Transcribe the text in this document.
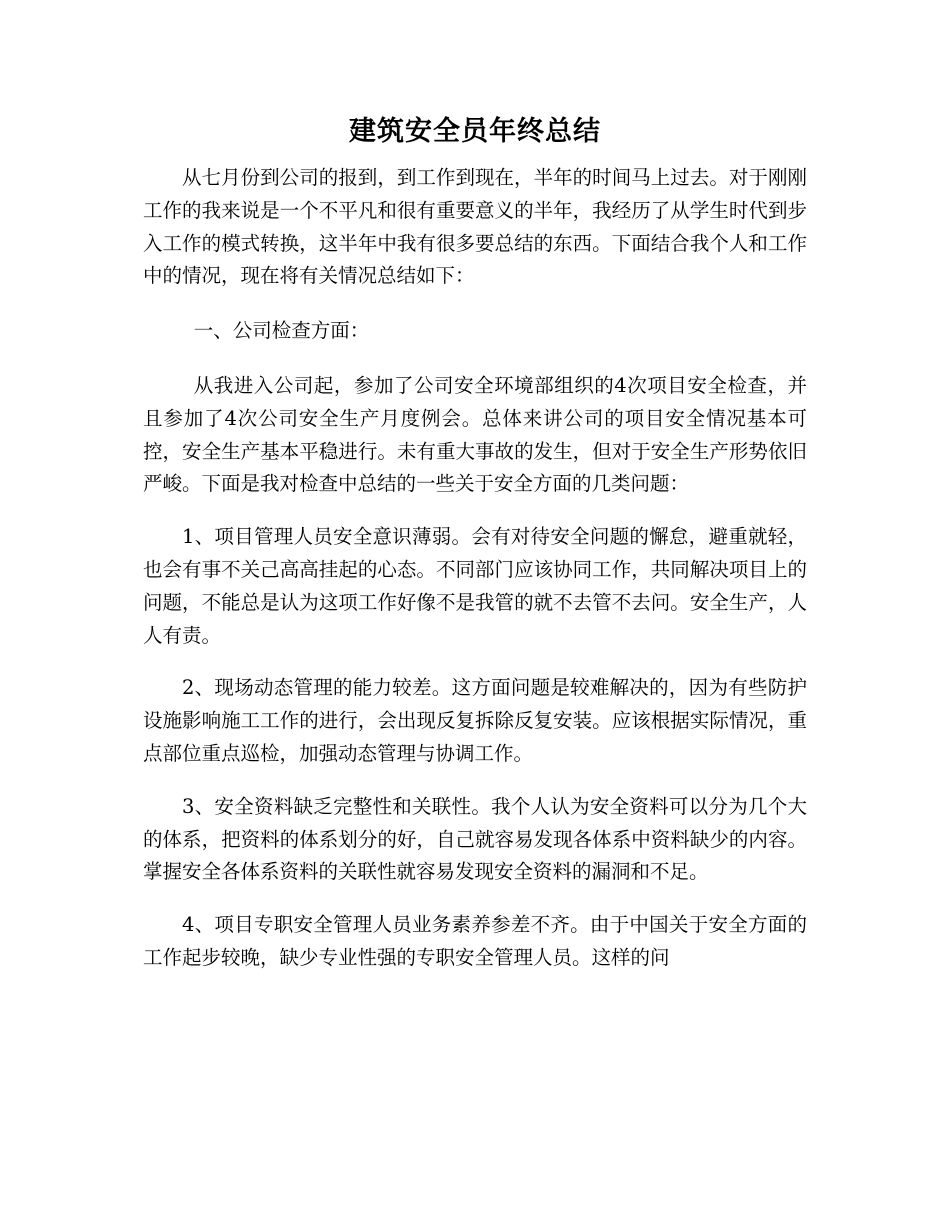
建筑安全员年终总结

从七月份到公司的报到，到工作到现在，半年的时间马上过去。对于刚刚工作的我来说是一个不平凡和很有重要意义的半年，我经历了从学生时代到步入工作的模式转换，这半年中我有很多要总结的东西。下面结合我个人和工作中的情况，现在将有关情况总结如下：

一、公司检查方面：

从我进入公司起，参加了公司安全环境部组织的4次项目安全检查，并且参加了4次公司安全生产月度例会。总体来讲公司的项目安全情况基本可控，安全生产基本平稳进行。未有重大事故的发生，但对于安全生产形势依旧严峻。下面是我对检查中总结的一些关于安全方面的几类问题：

1、项目管理人员安全意识薄弱。会有对待安全问题的懈怠，避重就轻，也会有事不关己高高挂起的心态。不同部门应该协同工作，共同解决项目上的问题，不能总是认为这项工作好像不是我管的就不去管不去问。安全生产，人人有责。

2、现场动态管理的能力较差。这方面问题是较难解决的，因为有些防护设施影响施工工作的进行，会出现反复拆除反复安装。应该根据实际情况，重点部位重点巡检，加强动态管理与协调工作。

3、安全资料缺乏完整性和关联性。我个人认为安全资料可以分为几个大的体系，把资料的体系划分的好，自己就容易发现各体系中资料缺少的内容。掌握安全各体系资料的关联性就容易发现安全资料的漏洞和不足。

4、项目专职安全管理人员业务素养参差不齐。由于中国关于安全方面的工作起步较晚，缺少专业性强的专职安全管理人员。这样的问
